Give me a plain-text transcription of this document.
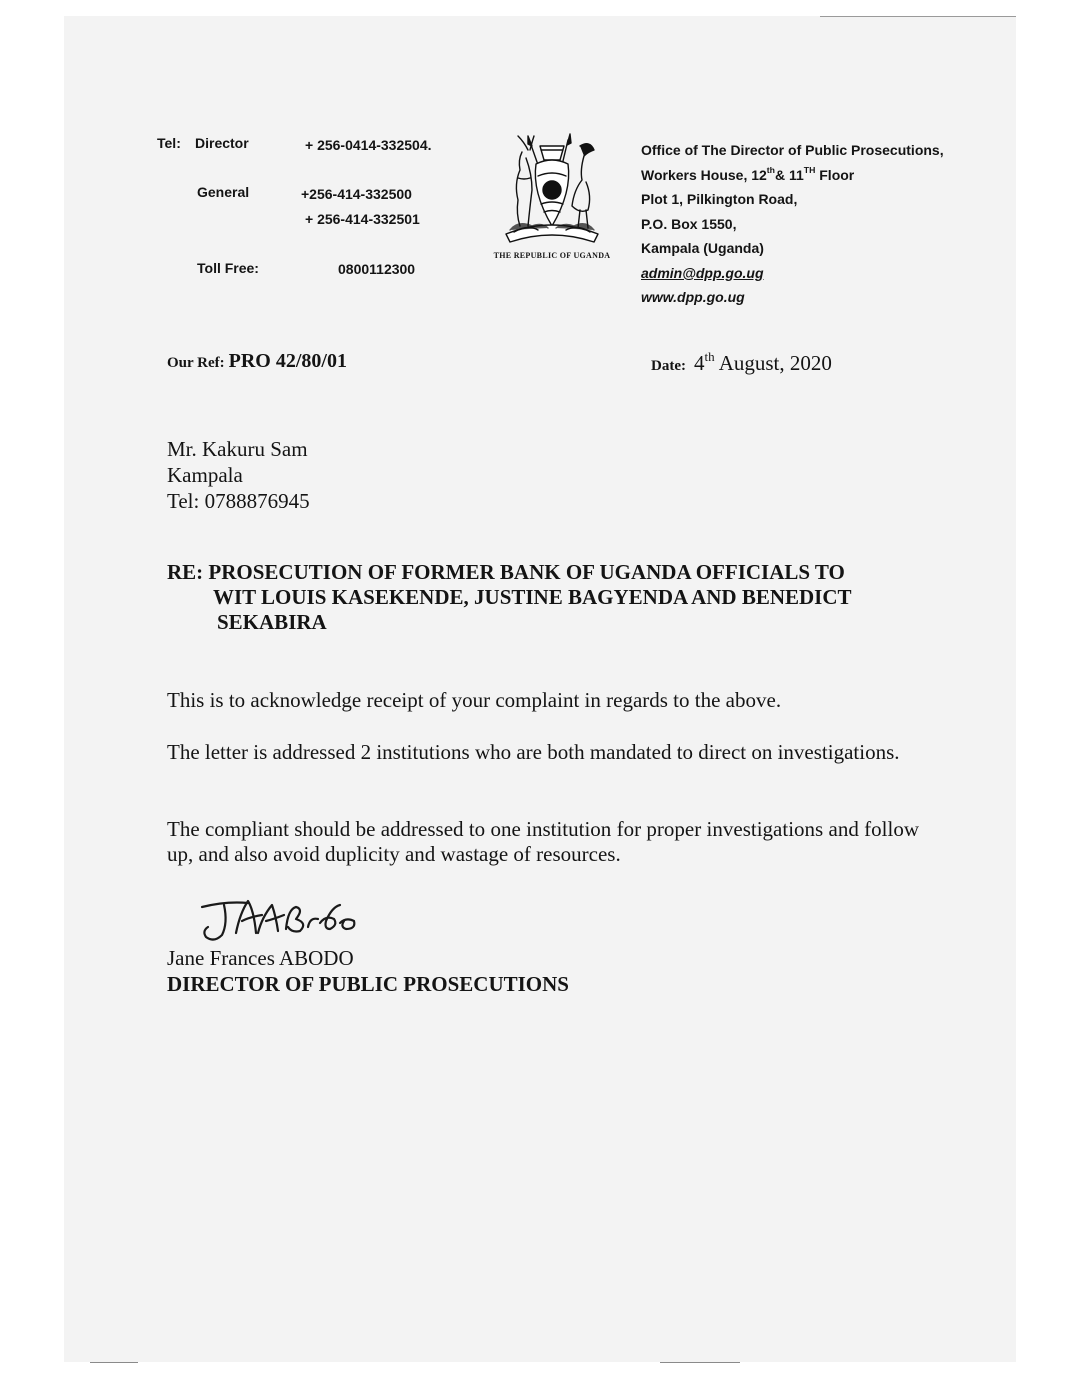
Tel: Director	+ 256-0414-332504.
General	+256-414-332500
+ 256-414-332501
Toll Free:	0800112300
THE REPUBLIC OF UGANDA
Office of The Director of Public Prosecutions,
Workers House, 12th& 11TH Floor
Plot 1, Pilkington Road,
P.O. Box 1550,
Kampala (Uganda)
admin@dpp.go.ug
www.dpp.go.ug
Our Ref: PRO 42/80/01	Date: 4th August, 2020
Mr. Kakuru Sam
Kampala
Tel: 0788876945
RE: PROSECUTION OF FORMER BANK OF UGANDA OFFICIALS TO
WIT LOUIS KASEKENDE, JUSTINE BAGYENDA AND BENEDICT
SEKABIRA
This is to acknowledge receipt of your complaint in regards to the above.
The letter is addressed 2 institutions who are both mandated to direct on investigations.
The compliant should be addressed to one institution for proper investigations and follow up, and also avoid duplicity and wastage of resources.
Jane Frances ABODO
DIRECTOR OF PUBLIC PROSECUTIONS
